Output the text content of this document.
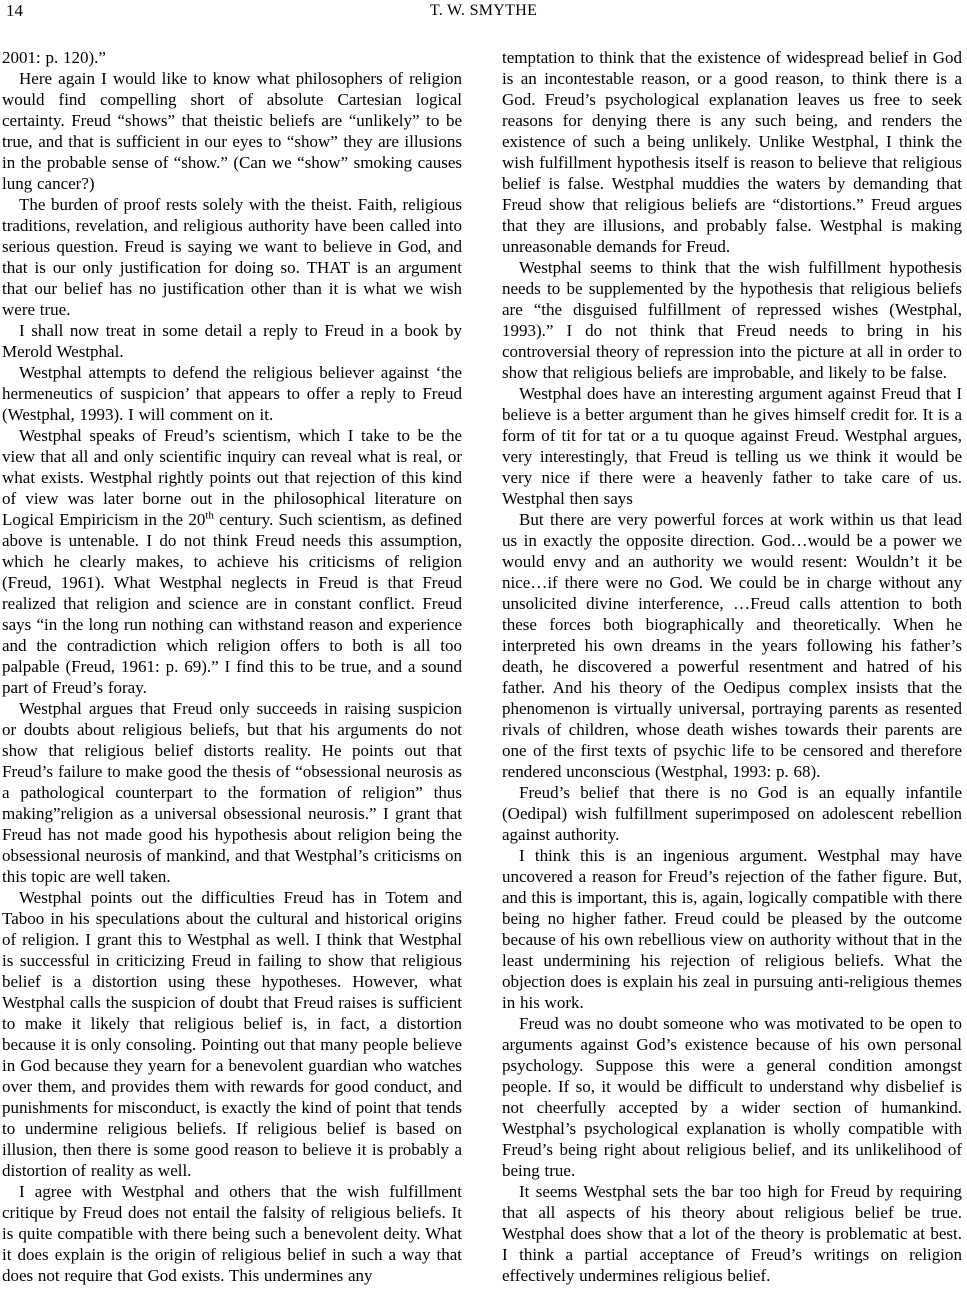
14	T. W. SMYTHE

2001: p. 120).”

Here again I would like to know what philosophers of religion would find compelling short of absolute Cartesian logical certainty. Freud “shows” that theistic beliefs are “unlikely” to be true, and that is sufficient in our eyes to “show” they are illusions in the probable sense of “show.” (Can we “show” smoking causes lung cancer?)

The burden of proof rests solely with the theist. Faith, religious traditions, revelation, and religious authority have been called into serious question. Freud is saying we want to believe in God, and that is our only justification for doing so. THAT is an argument that our belief has no justification other than it is what we wish were true.

I shall now treat in some detail a reply to Freud in a book by Merold Westphal.

Westphal attempts to defend the religious believer against ‘the hermeneutics of suspicion’ that appears to offer a reply to Freud (Westphal, 1993). I will comment on it.

Westphal speaks of Freud’s scientism, which I take to be the view that all and only scientific inquiry can reveal what is real, or what exists. Westphal rightly points out that rejection of this kind of view was later borne out in the philosophical literature on Logical Empiricism in the 20th century. Such scientism, as defined above is untenable. I do not think Freud needs this assumption, which he clearly makes, to achieve his criticisms of religion (Freud, 1961). What Westphal neglects in Freud is that Freud realized that religion and science are in constant conflict. Freud says “in the long run nothing can withstand reason and experience and the contradiction which religion offers to both is all too palpable (Freud, 1961: p. 69).” I find this to be true, and a sound part of Freud’s foray.

Westphal argues that Freud only succeeds in raising suspicion or doubts about religious beliefs, but that his arguments do not show that religious belief distorts reality. He points out that Freud’s failure to make good the thesis of “obsessional neurosis as a pathological counterpart to the formation of religion” thus making”religion as a universal obsessional neurosis.” I grant that Freud has not made good his hypothesis about religion being the obsessional neurosis of mankind, and that Westphal’s criticisms on this topic are well taken.

Westphal points out the difficulties Freud has in Totem and Taboo in his speculations about the cultural and historical origins of religion. I grant this to Westphal as well. I think that Westphal is successful in criticizing Freud in failing to show that religious belief is a distortion using these hypotheses. However, what Westphal calls the suspicion of doubt that Freud raises is sufficient to make it likely that religious belief is, in fact, a distortion because it is only consoling. Pointing out that many people believe in God because they yearn for a benevolent guardian who watches over them, and provides them with rewards for good conduct, and punishments for misconduct, is exactly the kind of point that tends to undermine religious beliefs. If religious belief is based on illusion, then there is some good reason to believe it is probably a distortion of reality as well.

I agree with Westphal and others that the wish fulfillment critique by Freud does not entail the falsity of religious beliefs. It is quite compatible with there being such a benevolent deity. What it does explain is the origin of religious belief in such a way that does not require that God exists. This undermines any

temptation to think that the existence of widespread belief in God is an incontestable reason, or a good reason, to think there is a God. Freud’s psychological explanation leaves us free to seek reasons for denying there is any such being, and renders the existence of such a being unlikely. Unlike Westphal, I think the wish fulfillment hypothesis itself is reason to believe that religious belief is false. Westphal muddies the waters by demanding that Freud show that religious beliefs are “distortions.” Freud argues that they are illusions, and probably false. Westphal is making unreasonable demands for Freud.

Westphal seems to think that the wish fulfillment hypothesis needs to be supplemented by the hypothesis that religious beliefs are “the disguised fulfillment of repressed wishes (Westphal, 1993).” I do not think that Freud needs to bring in his controversial theory of repression into the picture at all in order to show that religious beliefs are improbable, and likely to be false.

Westphal does have an interesting argument against Freud that I believe is a better argument than he gives himself credit for. It is a form of tit for tat or a tu quoque against Freud. Westphal argues, very interestingly, that Freud is telling us we think it would be very nice if there were a heavenly father to take care of us. Westphal then says

But there are very powerful forces at work within us that lead us in exactly the opposite direction. God…would be a power we would envy and an authority we would resent: Wouldn’t it be nice…if there were no God. We could be in charge without any unsolicited divine interference, …Freud calls attention to both these forces both biographically and theoretically. When he interpreted his own dreams in the years following his father’s death, he discovered a powerful resentment and hatred of his father. And his theory of the Oedipus complex insists that the phenomenon is virtually universal, portraying parents as resented rivals of children, whose death wishes towards their parents are one of the first texts of psychic life to be censored and therefore rendered unconscious (Westphal, 1993: p. 68).

Freud’s belief that there is no God is an equally infantile (Oedipal) wish fulfillment superimposed on adolescent rebellion against authority.

I think this is an ingenious argument. Westphal may have uncovered a reason for Freud’s rejection of the father figure. But, and this is important, this is, again, logically compatible with there being no higher father. Freud could be pleased by the outcome because of his own rebellious view on authority without that in the least undermining his rejection of religious beliefs. What the objection does is explain his zeal in pursuing anti-religious themes in his work.

Freud was no doubt someone who was motivated to be open to arguments against God’s existence because of his own personal psychology. Suppose this were a general condition amongst people. If so, it would be difficult to understand why disbelief is not cheerfully accepted by a wider section of humankind. Westphal’s psychological explanation is wholly compatible with Freud’s being right about religious belief, and its unlikelihood of being true.

It seems Westphal sets the bar too high for Freud by requiring that all aspects of his theory about religious belief be true. Westphal does show that a lot of the theory is problematic at best. I think a partial acceptance of Freud’s writings on religion effectively undermines religious belief.
